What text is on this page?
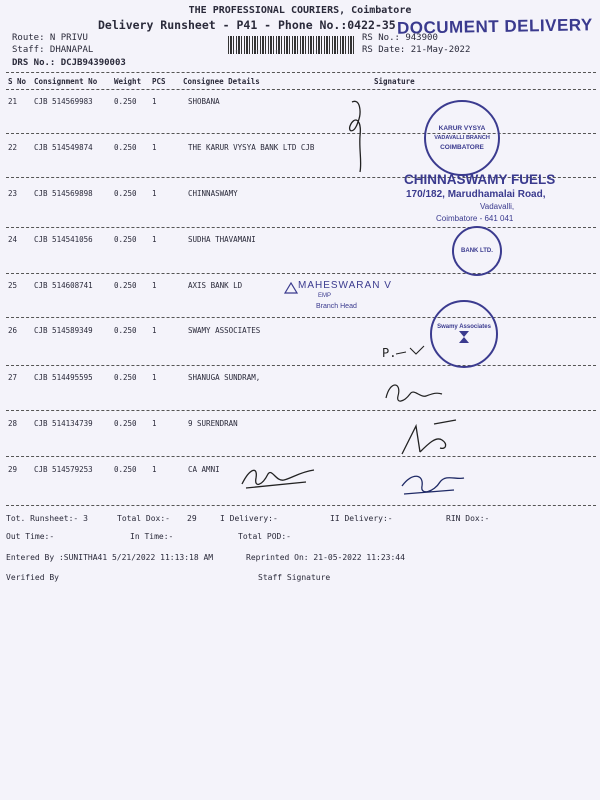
THE PROFESSIONAL COURIERS, Coimbatore
Delivery Runsheet - P41 - Phone No.:0422-35 DOCUMENT DELIVERY
Route: N PRIVU
Staff: DHANAPAL
DRS No.: DCJB94390003
RS No.: 943900
RS Date: 21-May-2022
S No Consignment No Weight PCS Consignee Details	Signature
21 CJB 514569983	0.250 1	SHOBANA
22 CJB 514549874	0.250 1	THE KARUR VYSYA BANK LTD CJB
23 CJB 514569898	0.250 1	CHINNASWAMY
24 CJB 514541056	0.250 1	SUDHA THAVAMANI
25 CJB 514608741	0.250 1	AXIS BANK LD
26 CJB 514589349	0.250 1	SWAMY ASSOCIATES
27 CJB 514495595	0.250 1	SHANUGA SUNDRAM,
28 CJB 514134739	0.250 1	9 SURENDRAN
29 CJB 514579253	0.250 1	CA AMNI
KARUR VYSYA
VADAVALLI BRANCH
COIMBATORE
CHINNASWAMY FUELS
170/182, Marudhamalai Road,
Vadavalli,
Coimbatore - 641 041
BANK LTD.
MAHESWARAN V
EMP
Branch Head
Swamy Associates
P.
Tot. Runsheet:- 3	Total Dox:- 29	I Delivery:-	II Delivery:-	RIN Dox:-
Out Time:-	In Time:-	Total POD:-
Entered By :SUNITHA41 5/21/2022 11:13:18 AM	Reprinted On: 21-05-2022 11:23:44
Verified By	Staff Signature
